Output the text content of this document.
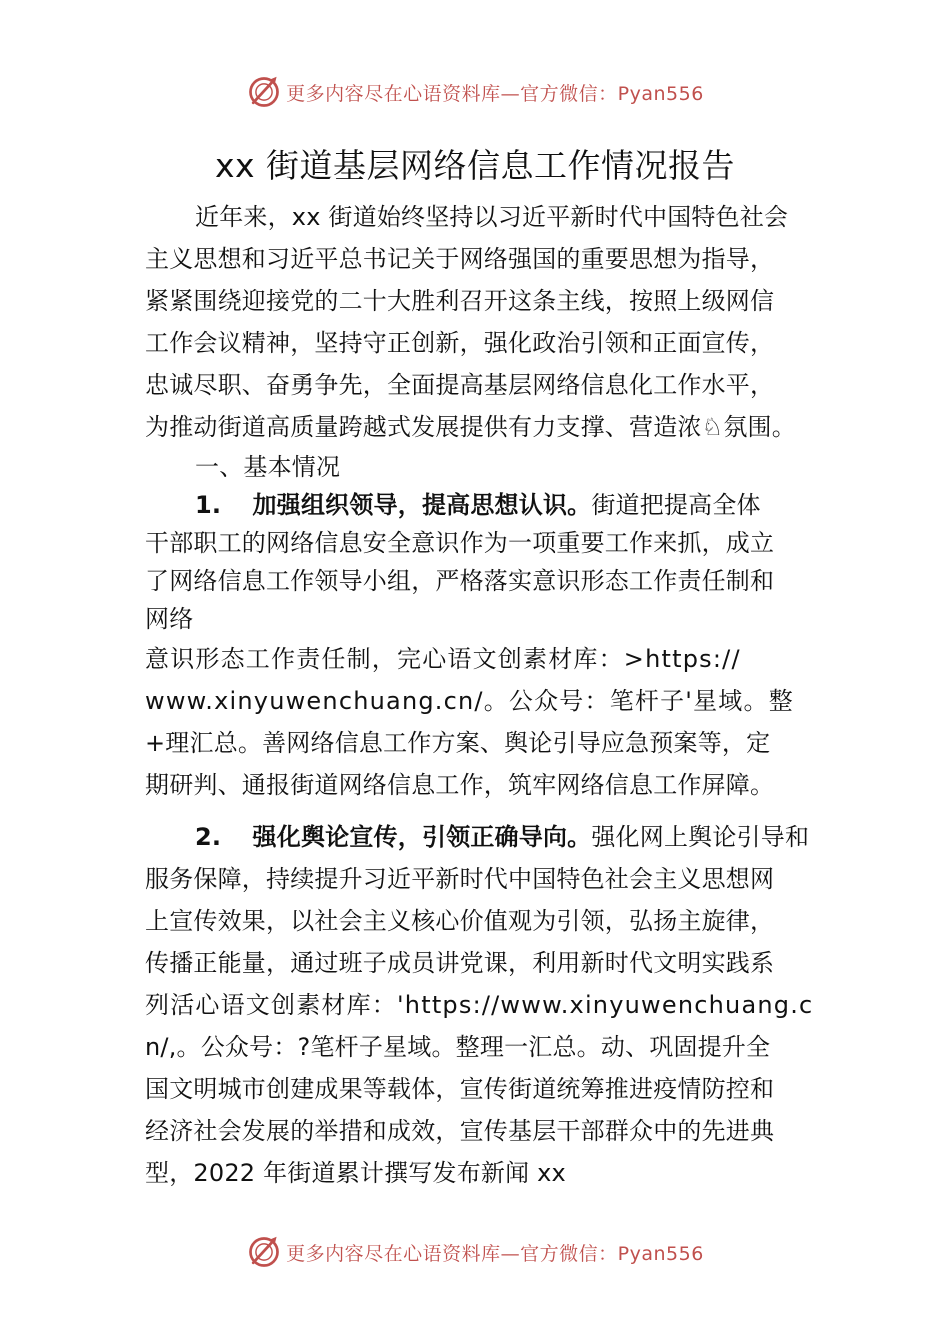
更多内容尽在心语资料库—官方微信：Pyan556
xx 街道基层网络信息工作情况报告
近年来，xx 街道始终坚持以习近平新时代中国特色社会
主义思想和习近平总书记关于网络强国的重要思想为指导，
紧紧围绕迎接党的二十大胜利召开这条主线，按照上级网信
工作会议精神，坚持守正创新，强化政治引领和正面宣传，
忠诚尽职、奋勇争先，全面提高基层网络信息化工作水平，
为推动街道高质量跨越式发展提供有力支撑、营造浓♘氛围。
一、基本情况
1. 加强组织领导，提高思想认识。街道把提高全体
干部职工的网络信息安全意识作为一项重要工作来抓，成立
了网络信息工作领导小组，严格落实意识形态工作责任制和
网络
意识形态工作责任制，完心语文创素材库：>https://
www.xinyuwenchuang.cn/。公众号：笔杆子'星域。整
+理汇总。善网络信息工作方案、舆论引导应急预案等，定
期研判、通报街道网络信息工作，筑牢网络信息工作屏障。
2. 强化舆论宣传，引领正确导向。强化网上舆论引导和
服务保障，持续提升习近平新时代中国特色社会主义思想网
上宣传效果，以社会主义核心价值观为引领，弘扬主旋律，
传播正能量，通过班子成员讲党课，利用新时代文明实践系
列活心语文创素材库：'https://www.xinyuwenchuang.c
n/,。公众号：?笔杆子星域。整理一汇总。动、巩固提升全
国文明城市创建成果等载体，宣传街道统筹推进疫情防控和
经济社会发展的举措和成效，宣传基层干部群众中的先进典
型，2022 年街道累计撰写发布新闻 xx
更多内容尽在心语资料库—官方微信：Pyan556
